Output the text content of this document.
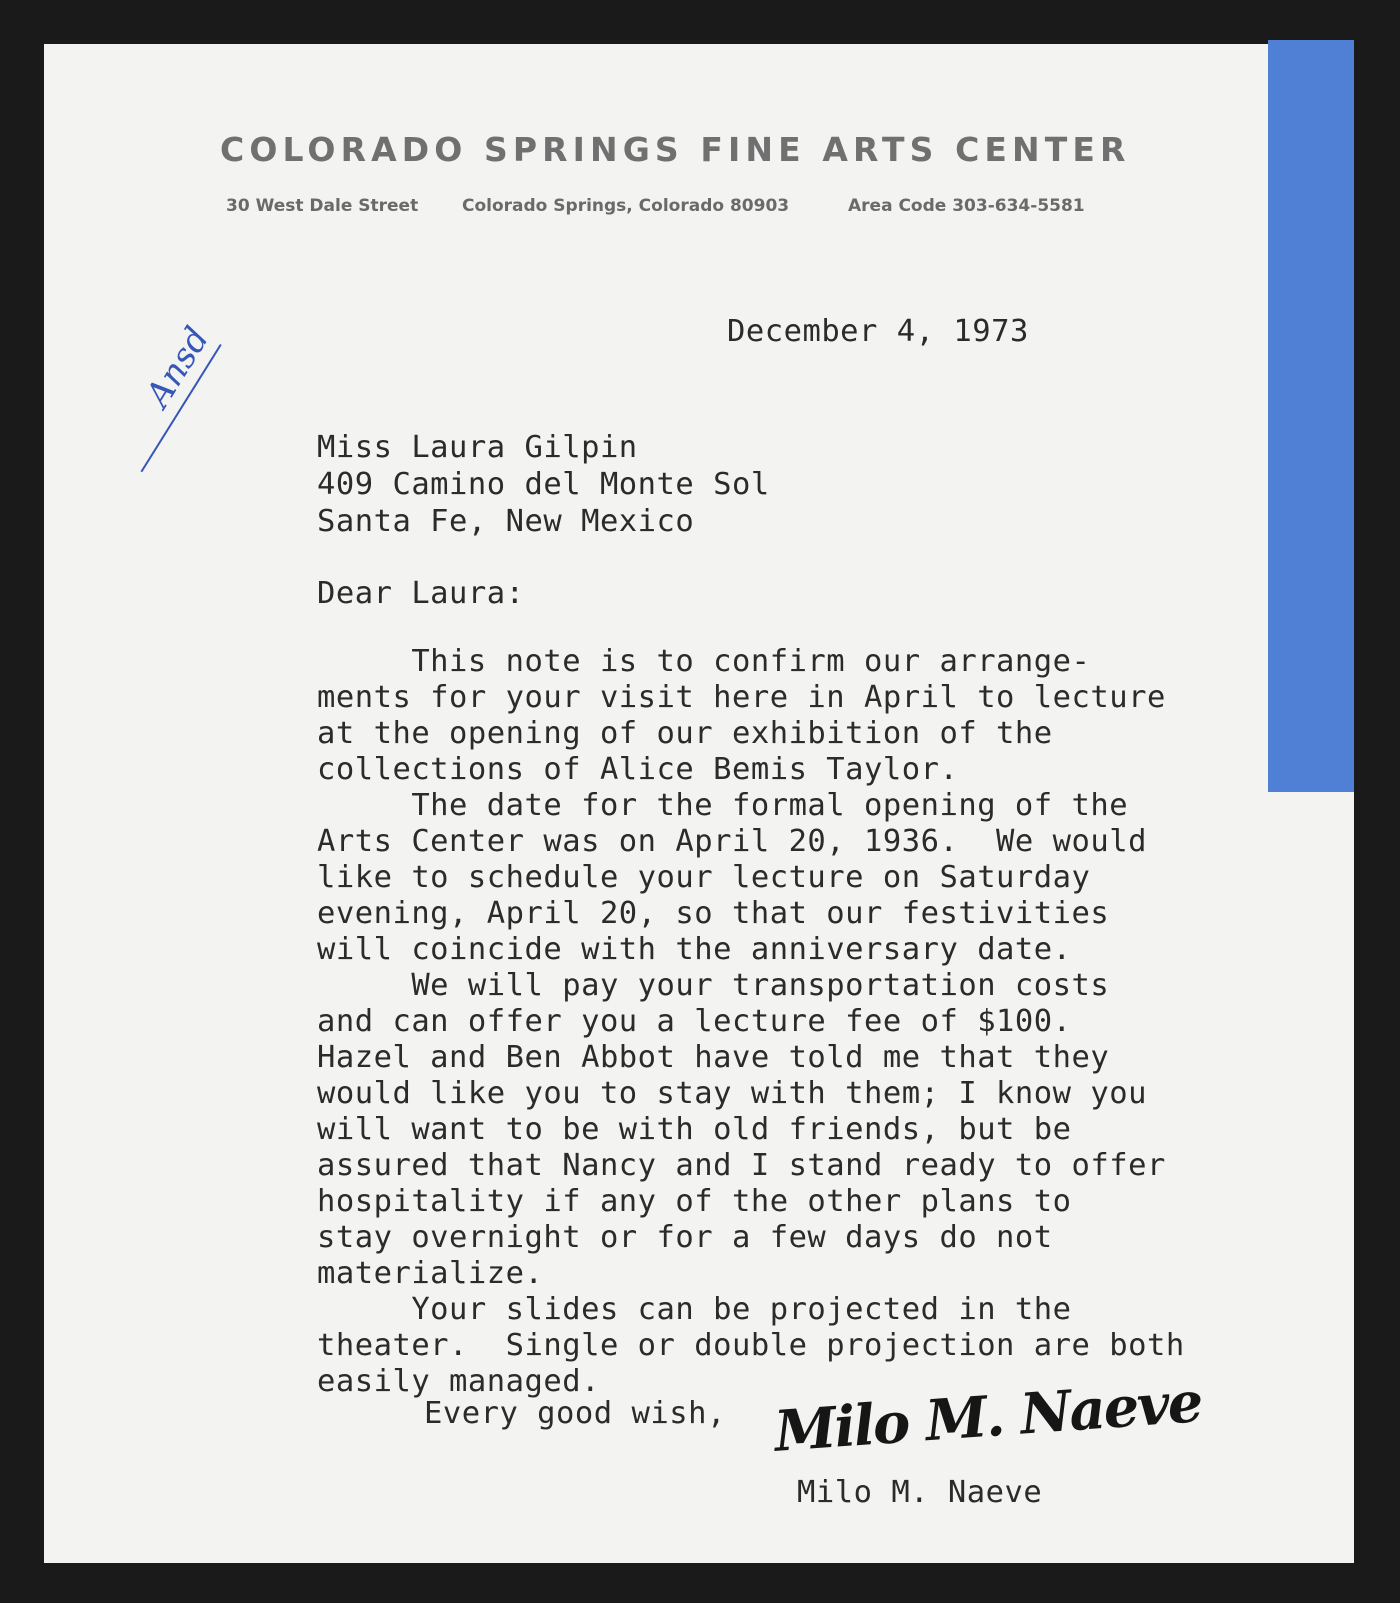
COLORADO SPRINGS FINE ARTS CENTER
30 West Dale Street	Colorado Springs, Colorado 80903	Area Code 303-634-5581
Ansd	December 4, 1973
Miss Laura Gilpin
409 Camino del Monte Sol
Santa Fe, New Mexico
Dear Laura:
This note is to confirm our arrange-
ments for your visit here in April to lecture
at the opening of our exhibition of the
collections of Alice Bemis Taylor.
The date for the formal opening of the
Arts Center was on April 20, 1936.  We would
like to schedule your lecture on Saturday
evening, April 20, so that our festivities
will coincide with the anniversary date.
We will pay your transportation costs
and can offer you a lecture fee of $100.
Hazel and Ben Abbot have told me that they
would like you to stay with them; I know you
will want to be with old friends, but be
assured that Nancy and I stand ready to offer
hospitality if any of the other plans to
stay overnight or for a few days do not
materialize.
Your slides can be projected in the
theater.  Single or double projection are both
easily managed.
Every good wish, Milo M. Naeve
Milo M. Naeve
